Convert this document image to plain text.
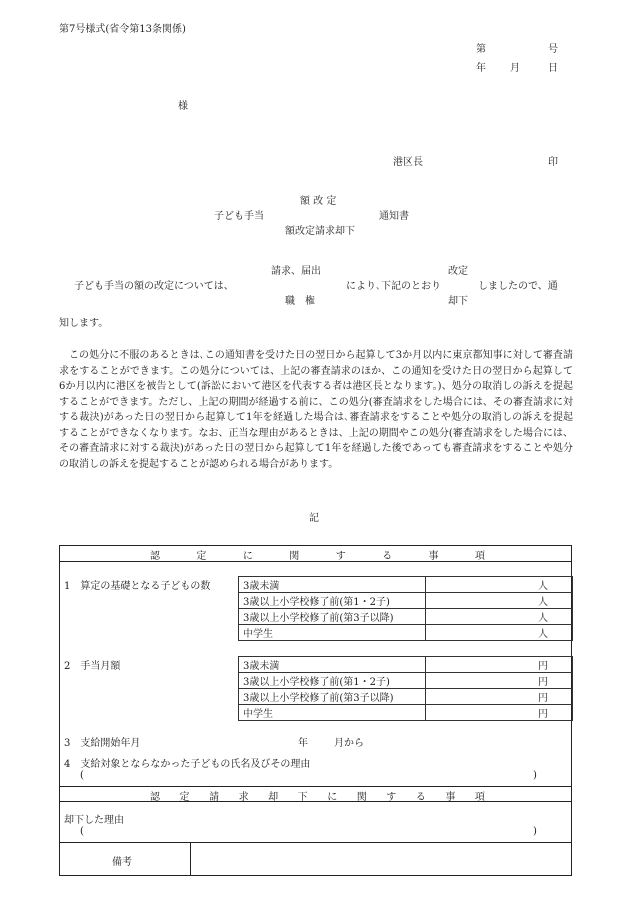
第7号様式(省令第13条関係)
第	号
年 月	日
様
港区長	印
額 改 定
子ども手当	通知書
額改定請求却下
請求、届出	改定
子ども手当の額の改定については、	により､下記のとおり	しましたので、通
職　権	却下
知します。
この処分に不服のあるときは､この通知書を受けた日の翌日から起算して3か月以内に東京都知事に対して審査請求をすることができます。この処分については、上記の審査請求のほか、この通知を受けた日の翌日から起算して6か月以内に港区を被告として(訴訟において港区を代表する者は港区長となります。)、処分の取消しの訴えを提起することができます。ただし、上記の期間が経過する前に、この処分(審査請求をした場合には、その審査請求に対する裁決)があった日の翌日から起算して1年を経過した場合は､審査請求をすることや処分の取消しの訴えを提起することができなくなります。なお、正当な理由があるときは、上記の期間やこの処分(審査請求をした場合には、その審査請求に対する裁決)があった日の翌日から起算して1年を経過した後であっても審査請求をすることや処分の取消しの訴えを提起することが認められる場合があります。
記
認	定	に	関	す	る	事	項
1　算定の基礎となる子どもの数	3歳未満	人
3歳以上小学校修了前(第1・2子)	人
3歳以上小学校修了前(第3子以降)	人
中学生	人
2　手当月額	3歳未満	円
3歳以上小学校修了前(第1・2子)	円
3歳以上小学校修了前(第3子以降)	円
中学生	円
3　支給開始年月	年	月から
4　支給対象とならなかった子どもの氏名及びその理由
(	)
認 定 請 求 却 下 に 関 す る 事 項
却下した理由
(	)
備考
